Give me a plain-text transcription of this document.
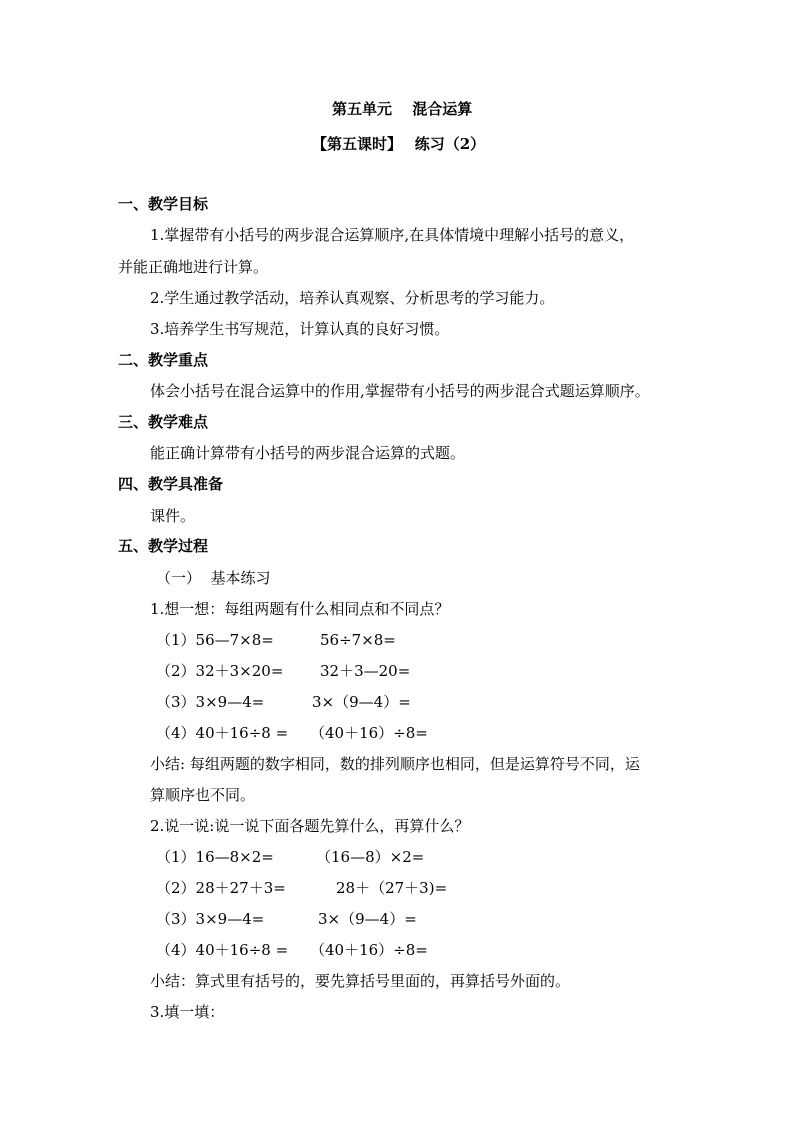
第五单元　 混合运算
【第五课时】　 练习（2）
一、教学目标
1.掌握带有小括号的两步混合运算顺序,在具体情境中理解小括号的意义，
并能正确地进行计算。
2.学生通过教学活动，培养认真观察、分析思考的学习能力。
3.培养学生书写规范，计算认真的良好习惯。
二、教学重点
体会小括号在混合运算中的作用,掌握带有小括号的两步混合式题运算顺序。
三、教学难点
能正确计算带有小括号的两步混合运算的式题。
四、教学具准备
课件。
五、教学过程
（一）  基本练习
1.想一想：每组两题有什么相同点和不同点？
（1）56—7×8=	56÷7×8=
（2）32＋3×20= 32＋3—20=
（3）3×9—4=	3×（9—4）=
（4）40＋16÷8 = （40＋16）÷8=
小结: 每组两题的数字相同，数的排列顺序也相同，但是运算符号不同，运
算顺序也不同。
2.说一说:说一说下面各题先算什么，再算什么？
（1）16—8×2=	（16—8）×2=
（2）28＋27＋3=	28＋（27＋3)=
（3）3×9—4=	3×（9—4）=
（4）40＋16÷8 = （40＋16）÷8=
小结：算式里有括号的，要先算括号里面的，再算括号外面的。
3.填一填：
